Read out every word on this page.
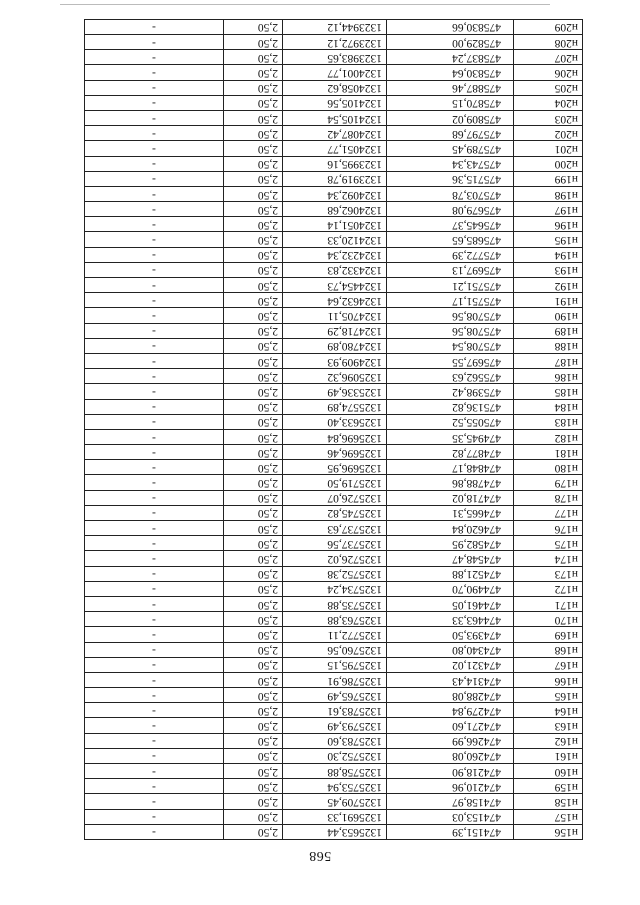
568
н156	474151,39	1325653,44	2,50	-
н157	474153,03	1325691,33	2,50	-
н158	474158,97	1325709,45	2,50	-
н159	474210,96	1325753,94	2,50	-
н160	474218,90	1325758,88	2,50	-
н161	474260,08	1325752,30	2,50	-
н162	474266,99	1325783,60	2,50	-
н163	474271,60	1325793,49	2,50	-
н164	474279,84	1325783,61	2,50	-
н165	474288,08	1325765,49	2,50	-
н166	474314,43	1325786,91	2,50	-
н167	474321,02	1325795,15	2,50	-
н168	474340,80	1325760,56	2,50	-
н169	474393,50	1325772,11	2,50	-
н170	474463,33	1325763,88	2,50	-
н171	474461,05	1325735,88	2,50	-
н172	474490,70	1325734,24	2,50	-
н173	474521,88	1325752,38	2,50	-
н174	474548,47	1325726,02	2,50	-
н175	474582,95	1325737,56	2,50	-
н176	474620,84	1325737,63	2,50	-
н177	474665,31	1325745,82	2,50	-
н178	474718,02	1325726,07	2,50	-
н179	474788,86	1325719,50	2,50	-
н180	474848,17	1325696,95	2,50	-
н181	474877,82	1325696,46	2,50	-
н182	474945,35	1325696,84	2,50	-
н183	475055,52	1325633,40	2,50	-
н184	475136,82	1325574,89	2,50	-
н185	475398,42	1325336,49	2,50	-
н186	475562,63	1325096,32	2,50	-
н187	475697,55	1324909,93	2,50	-
н188	475708,54	1324780,89	2,50	-
н189	475708,56	1324718,29	2,50	-
н190	475708,56	1324705,11	2,50	-
н191	475751,17	1324632,64	2,50	-
н192	475751,21	1324454,73	2,50	-
н193	475697,13	1324332,83	2,50	-
н194	475772,39	1324232,34	2,50	-
н195	475685,65	1324120,33	2,50	-
н196	475645,37	1324051,14	2,50	-
н197	475679,08	1324062,68	2,50	-
н198	475703,78	1324092,34	2,50	-
н199	475715,36	1323919,78	2,50	-
н200	475743,34	1323995,16	2,50	-
н201	475789,45	1324051,77	2,50	-
н202	475797,68	1324087,42	2,50	-
н203	475809,02	1324105,54	2,50	-
н204	475870,15	1324105,56	2,50	-
н205	475887,46	1324058,62	2,50	-
н206	475830,64	1324001,77	2,50	-
н207	475837,24	1323983,65	2,50	-
н208	475829,00	1323972,12	2,50	-
н209	475830,66	1323944,12	2,50	-
